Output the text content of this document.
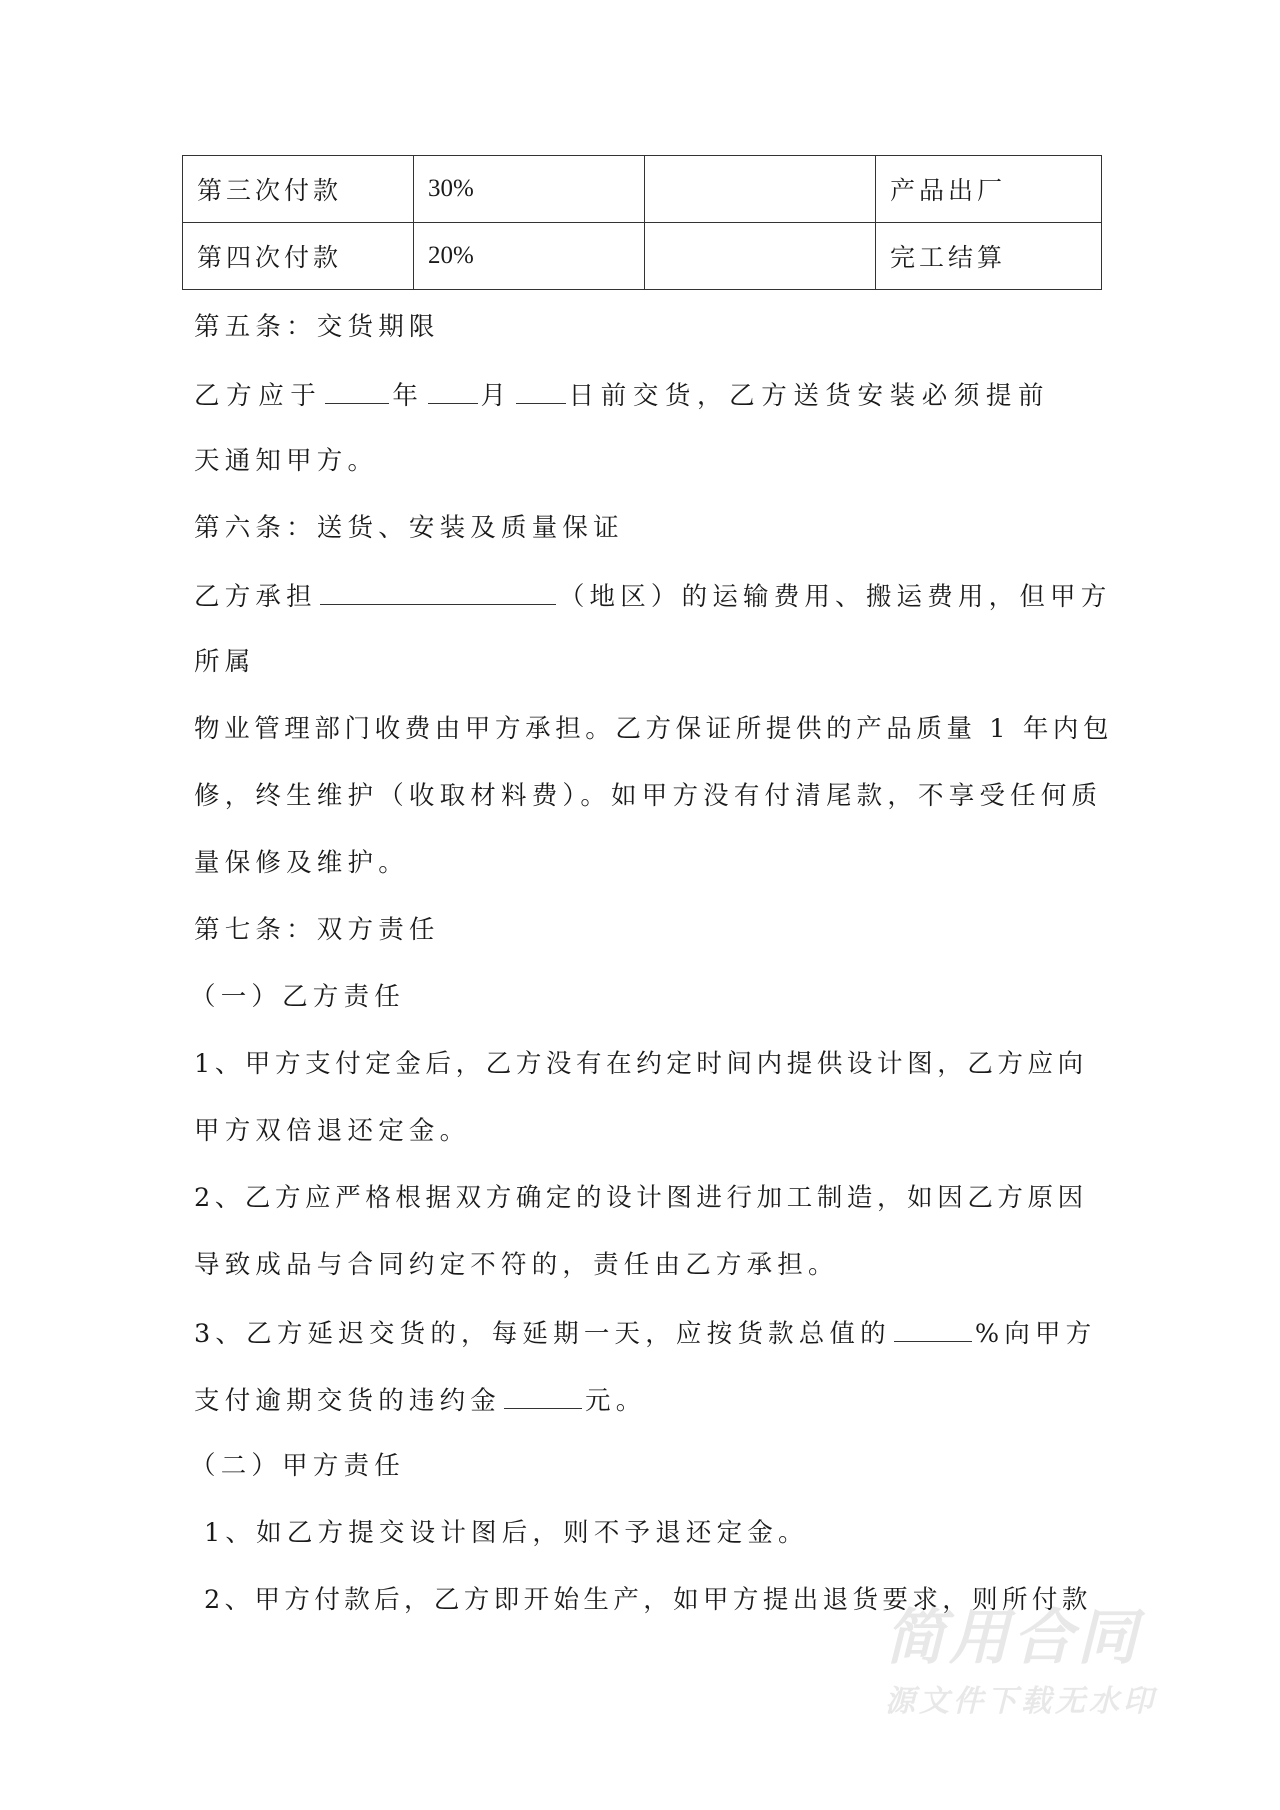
第三次付款	30%		产品出厂
第四次付款	20%		完工结算
第五条：交货期限
乙方应于	年 月 日前交货，乙方送货安装必须提前
天通知甲方。
第六条：送货、安装及质量保证
乙方承担	（地区）的运输费用、搬运费用，但甲方
所属
物业管理部门收费由甲方承担。乙方保证所提供的产品质量 1 年内包
修，终生维护（收取材料费）。如甲方没有付清尾款，不享受任何质
量保修及维护。
第七条：双方责任
（一）乙方责任
1、甲方支付定金后，乙方没有在约定时间内提供设计图，乙方应向
甲方双倍退还定金。
2、乙方应严格根据双方确定的设计图进行加工制造，如因乙方原因
导致成品与合同约定不符的，责任由乙方承担。
3、乙方延迟交货的，每延期一天，应按货款总值的	%向甲方
支付逾期交货的违约金	元。
（二）甲方责任
1、如乙方提交设计图后，则不予退还定金。
2、甲方付款后，乙方即开始生产，如甲方提出退货要求，则所付款
简用合同
源文件下载无水印
